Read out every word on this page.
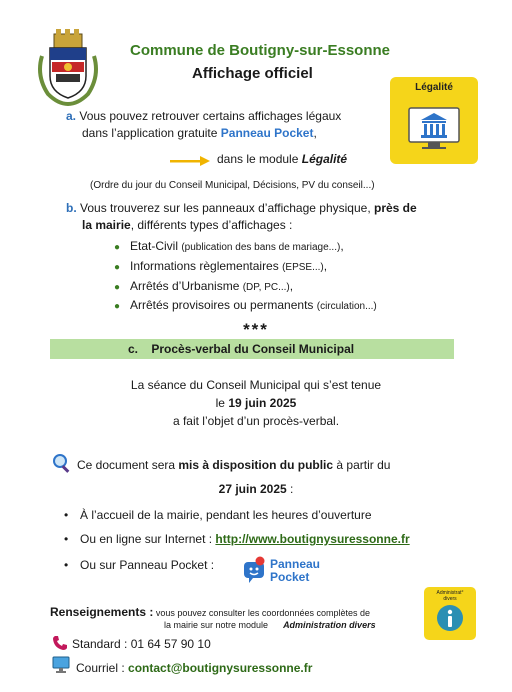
Commune de Boutigny-sur-Essonne
Affichage officiel
Légalité
a. Vous pouvez retrouver certains affichages légaux
dans l’application gratuite Panneau Pocket,
dans le module Légalité
(Ordre du jour du Conseil Municipal, Décisions, PV du conseil...)
b. Vous trouverez sur les panneaux d’affichage physique, près de
la mairie, différents types d’affichages :
● Etat-Civil (publication des bans de mariage...),
● Informations règlementaires (EPSE...),
● Arrêtés d’Urbanisme (DP, PC...),
● Arrêtés provisoires ou permanents (circulation...)
***
c. Procès-verbal du Conseil Municipal
La séance du Conseil Municipal qui s’est tenue
le 19 juin 2025
a fait l’objet d’un procès-verbal.
Ce document sera mis à disposition du public à partir du
27 juin 2025 :
• À l’accueil de la mairie, pendant les heures d’ouverture
• Ou en ligne sur Internet : http://www.boutignysuressonne.fr
• Ou sur Panneau Pocket :	Panneau
Pocket
Renseignements : vous pouvez consulter les coordonnées complètes de
la mairie sur notre module      Administration divers
Standard : 01 64 57 90 10
Courriel : contact@boutignysuressonne.fr
Administrat°
divers
